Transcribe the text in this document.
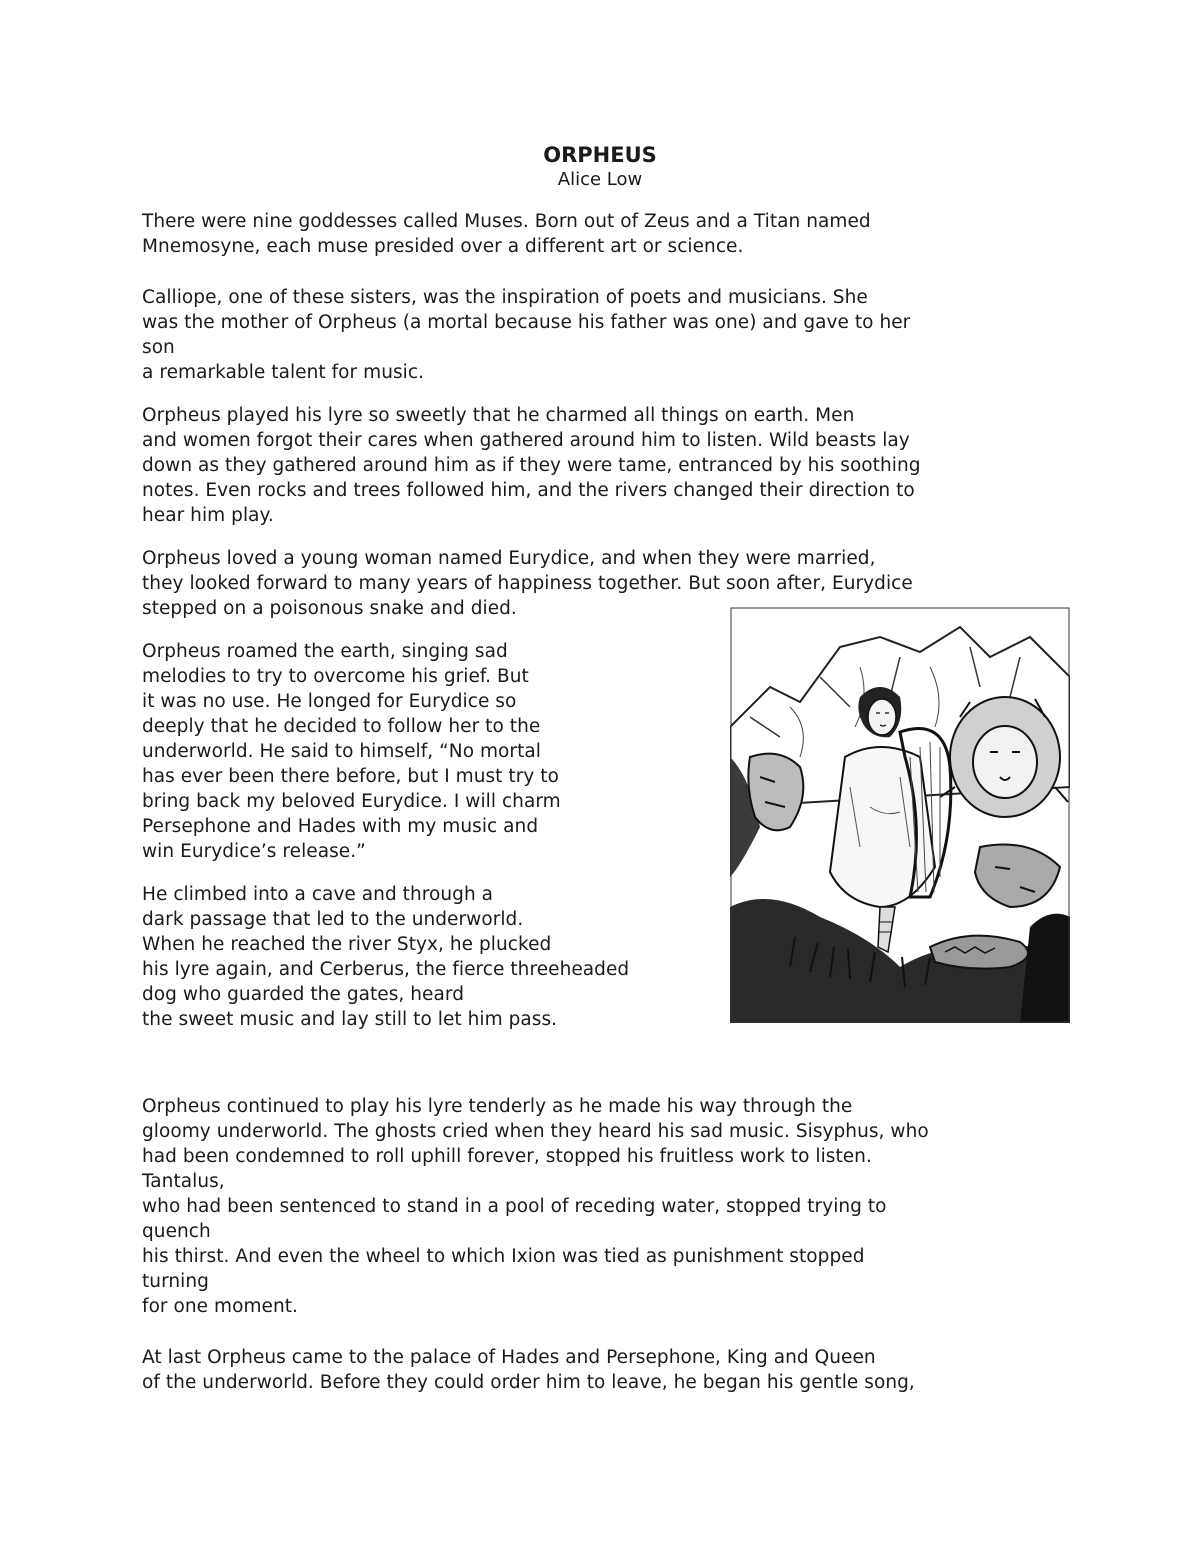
ORPHEUS
Alice Low
There were nine goddesses called Muses. Born out of Zeus and a Titan named
Mnemosyne, each muse presided over a different art or science.
Calliope, one of these sisters, was the inspiration of poets and musicians. She
was the mother of Orpheus (a mortal because his father was one) and gave to her
son
a remarkable talent for music.
Orpheus played his lyre so sweetly that he charmed all things on earth. Men
and women forgot their cares when gathered around him to listen. Wild beasts lay
down as they gathered around him as if they were tame, entranced by his soothing
notes. Even rocks and trees followed him, and the rivers changed their direction to
hear him play.
Orpheus loved a young woman named Eurydice, and when they were married,
they looked forward to many years of happiness together. But soon after, Eurydice
stepped on a poisonous snake and died.
Orpheus roamed the earth, singing sad
melodies to try to overcome his grief. But
it was no use. He longed for Eurydice so
deeply that he decided to follow her to the
underworld. He said to himself, “No mortal
has ever been there before, but I must try to
bring back my beloved Eurydice. I will charm
Persephone and Hades with my music and
win Eurydice’s release.”
He climbed into a cave and through a
dark passage that led to the underworld.
When he reached the river Styx, he plucked
his lyre again, and Cerberus, the fierce threeheaded
dog who guarded the gates, heard
the sweet music and lay still to let him pass.
Orpheus continued to play his lyre tenderly as he made his way through the
gloomy underworld. The ghosts cried when they heard his sad music. Sisyphus, who
had been condemned to roll uphill forever, stopped his fruitless work to listen.
Tantalus,
who had been sentenced to stand in a pool of receding water, stopped trying to
quench
his thirst. And even the wheel to which Ixion was tied as punishment stopped
turning
for one moment.
At last Orpheus came to the palace of Hades and Persephone, King and Queen
of the underworld. Before they could order him to leave, he began his gentle song,
